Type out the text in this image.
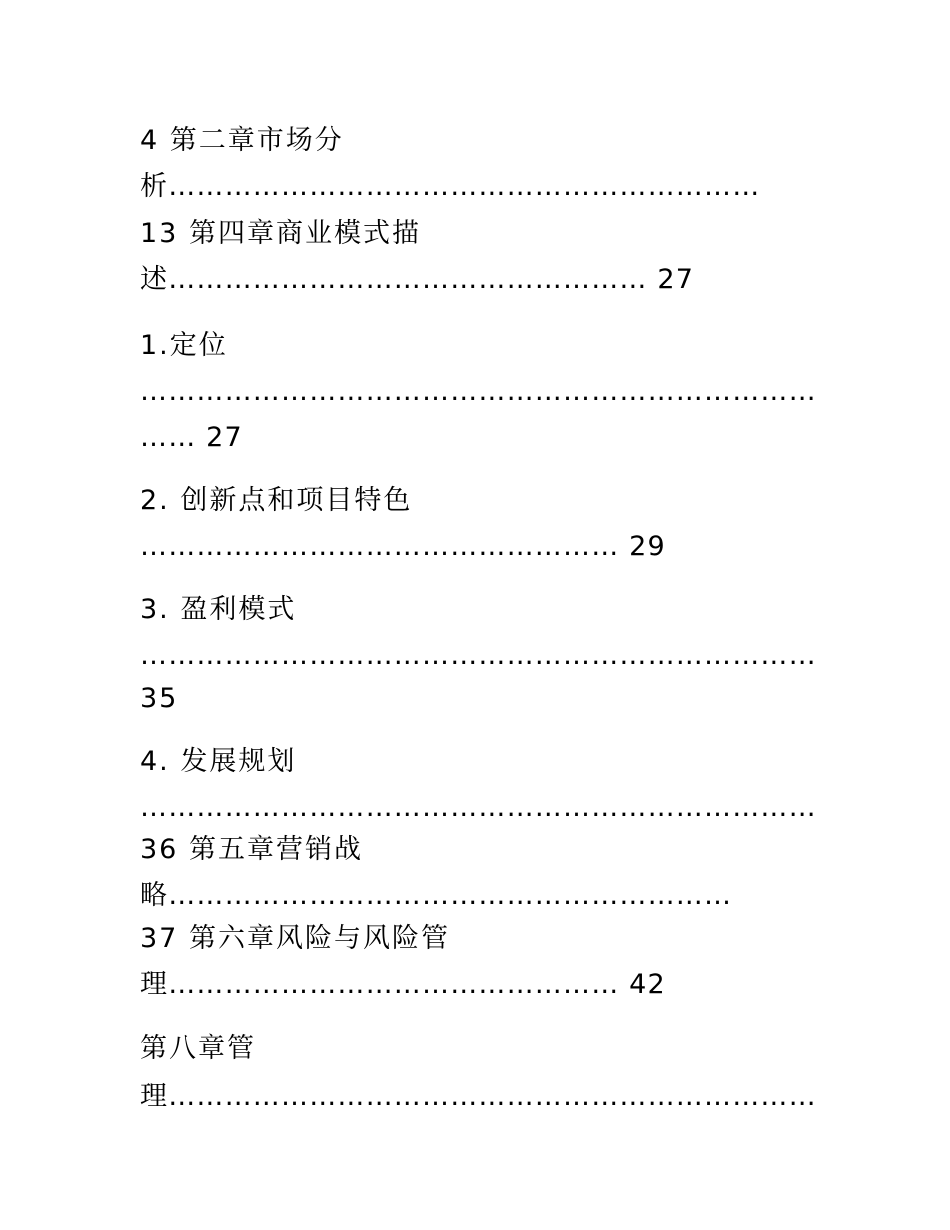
4 第二章市场分
析………………………………………………………
13 第四章商业模式描
述…………………………………………… 27
1.定位
………………………………………………………………
…… 27
2. 创新点和项目特色
…………………………………………… 29
3. 盈利模式
………………………………………………………………
35
4. 发展规划
………………………………………………………………
36 第五章营销战
略……………………………………………………
37 第六章风险与风险管
理………………………………………… 42
第八章管
理……………………………………………………………
